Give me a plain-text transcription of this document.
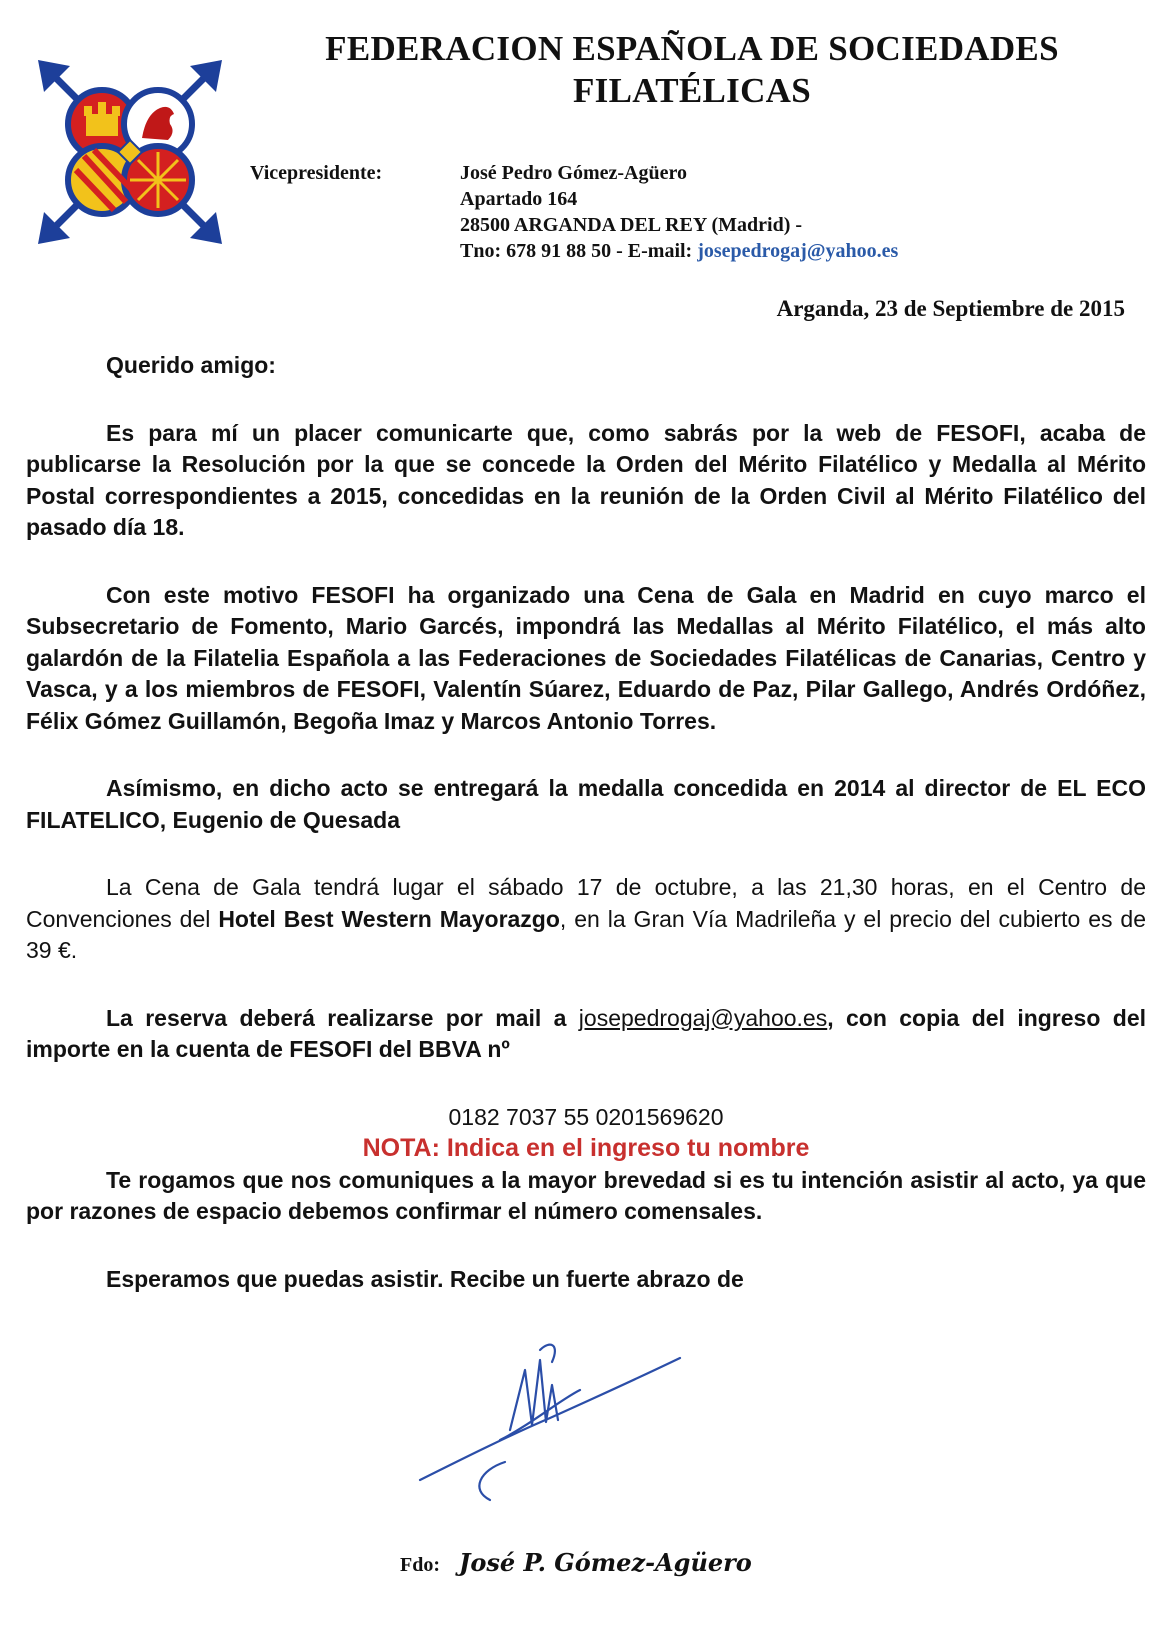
FEDERACION ESPAÑOLA DE SOCIEDADES
FILATÉLICAS
Vicepresidente:	José Pedro Gómez-Agüero
Apartado 164
28500 ARGANDA DEL REY (Madrid) -
Tno: 678 91 88 50 - E-mail: josepedrogaj@yahoo.es
Arganda, 23 de Septiembre de 2015

Querido amigo:

Es para mí un placer comunicarte que, como sabrás por la web de FESOFI, acaba de publicarse la Resolución por la que se concede la Orden del Mérito Filatélico y Medalla al Mérito Postal correspondientes a 2015, concedidas en la reunión de la Orden Civil al Mérito Filatélico del pasado día 18.

Con este motivo FESOFI ha organizado una Cena de Gala en Madrid en cuyo marco el Subsecretario de Fomento, Mario Garcés, impondrá las Medallas al Mérito Filatélico, el más alto galardón de la Filatelia Española a las Federaciones de Sociedades Filatélicas de Canarias, Centro y Vasca, y a los miembros de FESOFI, Valentín Súarez, Eduardo de Paz, Pilar Gallego, Andrés Ordóñez, Félix Gómez Guillamón, Begoña Imaz y Marcos Antonio Torres.

Asímismo, en dicho acto se entregará la medalla concedida en 2014 al director de EL ECO FILATELICO, Eugenio de Quesada

La Cena de Gala tendrá lugar el sábado 17 de octubre, a las 21,30 horas, en el Centro de Convenciones del Hotel Best Western Mayorazgo, en la Gran Vía Madrileña y el precio del cubierto es de 39 €.

La reserva deberá realizarse por mail a josepedrogaj@yahoo.es, con copia del ingreso del importe en la cuenta de FESOFI del BBVA nº

0182 7037 55 0201569620

NOTA: Indica en el ingreso tu nombre

Te rogamos que nos comuniques a la mayor brevedad si es tu intención asistir al acto, ya que por razones de espacio debemos confirmar el número comensales.

Esperamos que puedas asistir. Recibe un fuerte abrazo de

Fdo: José P. Gómez-Agüero
